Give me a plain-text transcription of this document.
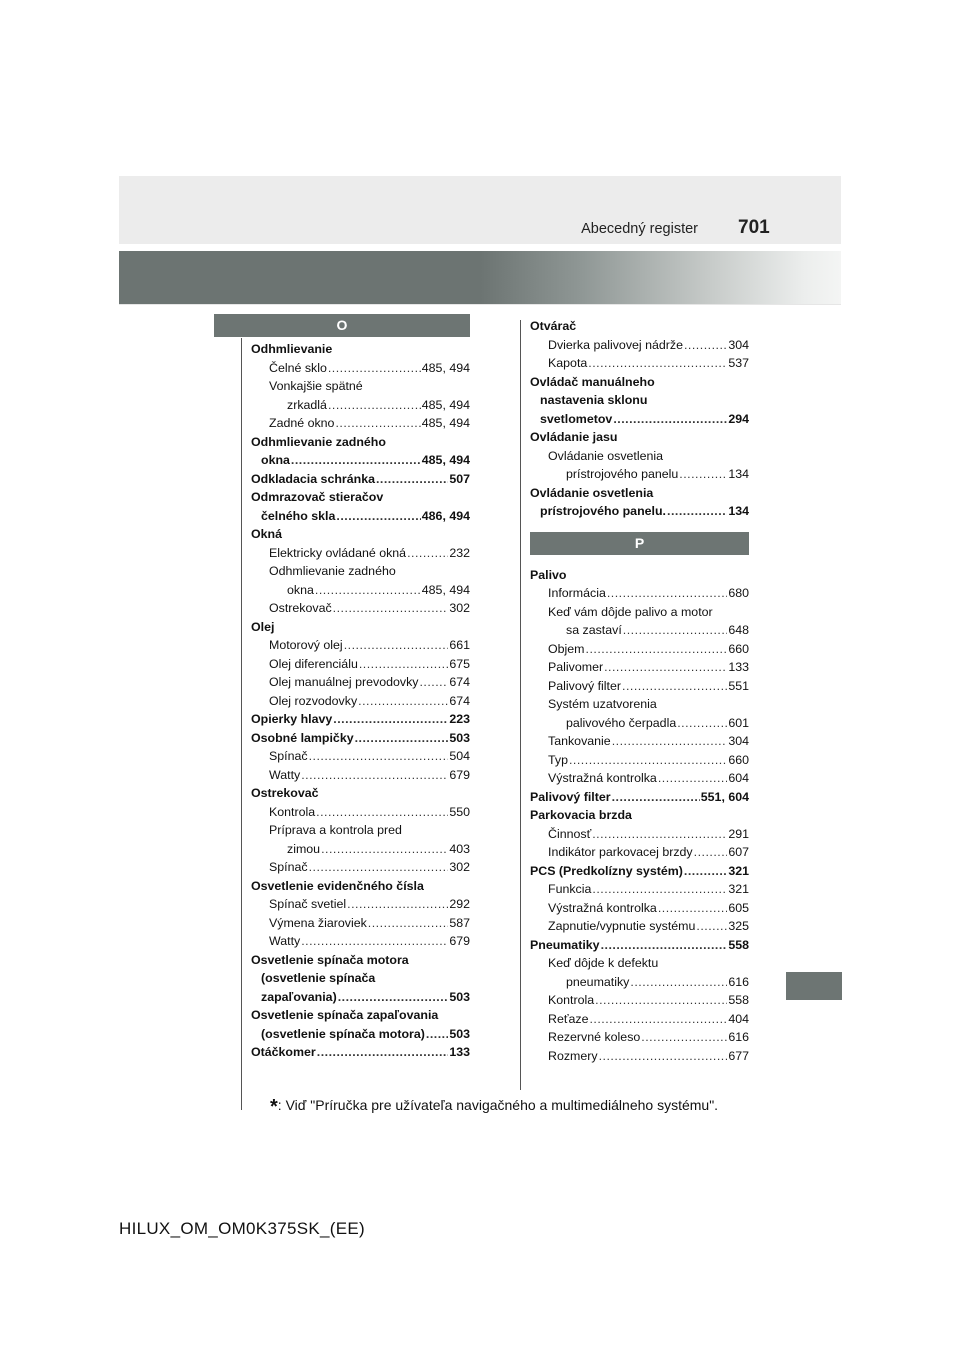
Abecedný register 701
O
Odhmlievanie
Čelné sklo .....	485, 494
Vonkajšie spätné
zrkadlá .....	485, 494
Zadné okno .....	485, 494
Odhmlievanie zadného
okna .....	485, 494
Odkladacia schránka .....	507
Odmrazovač stieračov
čelného skla .....	486, 494
Okná
Elektricky ovládané okná .....	232
Odhmlievanie zadného
okna .....	485, 494
Ostrekovač .....	302
Olej
Motorový olej .....	661
Olej diferenciálu .....	675
Olej manuálnej prevodovky ..... 674
Olej rozvodovky .....	674
Opierky hlavy .....	223
Osobné lampičky .....	503
Spínač .....	504
Watty .....	679
Ostrekovač
Kontrola .....	550
Príprava a kontrola pred
zimou .....	403
Spínač .....	302
Osvetlenie evidenčného čísla
Spínač svetiel .....	292
Výmena žiaroviek .....	587
Watty .....	679
Osvetlenie spínača motora
(osvetlenie spínača
zapaľovania) .....	503
Osvetlenie spínača zapaľovania
(osvetlenie spínača motora) ..... 503
Otáčkomer .....	133
Otvárač
Dvierka palivovej nádrže .....	304
Kapota .....	537
Ovládač manuálneho
nastavenia sklonu
svetlometov .....	294
Ovládanie jasu
Ovládanie osvetlenia
prístrojového panelu .....	134
Ovládanie osvetlenia
prístrojového panelu. .....	134
P
Palivo
Informácia .....	680
Keď vám dôjde palivo a motor
sa zastaví .....	648
Objem .....	660
Palivomer .....	133
Palivový filter .....	551
Systém uzatvorenia
palivového čerpadla .....	601
Tankovanie .....	304
Typ .....	660
Výstražná kontrolka .....	604
Palivový filter .....	551, 604
Parkovacia brzda
Činnosť .....	291
Indikátor parkovacej brzdy .....	607
PCS (Predkolízny systém) .....	321
Funkcia .....	321
Výstražná kontrolka .....	605
Zapnutie/vypnutie systému .....	325
Pneumatiky .....	558
Keď dôjde k defektu
pneumatiky .....	616
Kontrola .....	558
Reťaze .....	404
Rezervné koleso .....	616
Rozmery .....	677
*: Viď "Príručka pre užívateľa navigačného a multimediálneho systému".
HILUX_OM_OM0K375SK_(EE)
